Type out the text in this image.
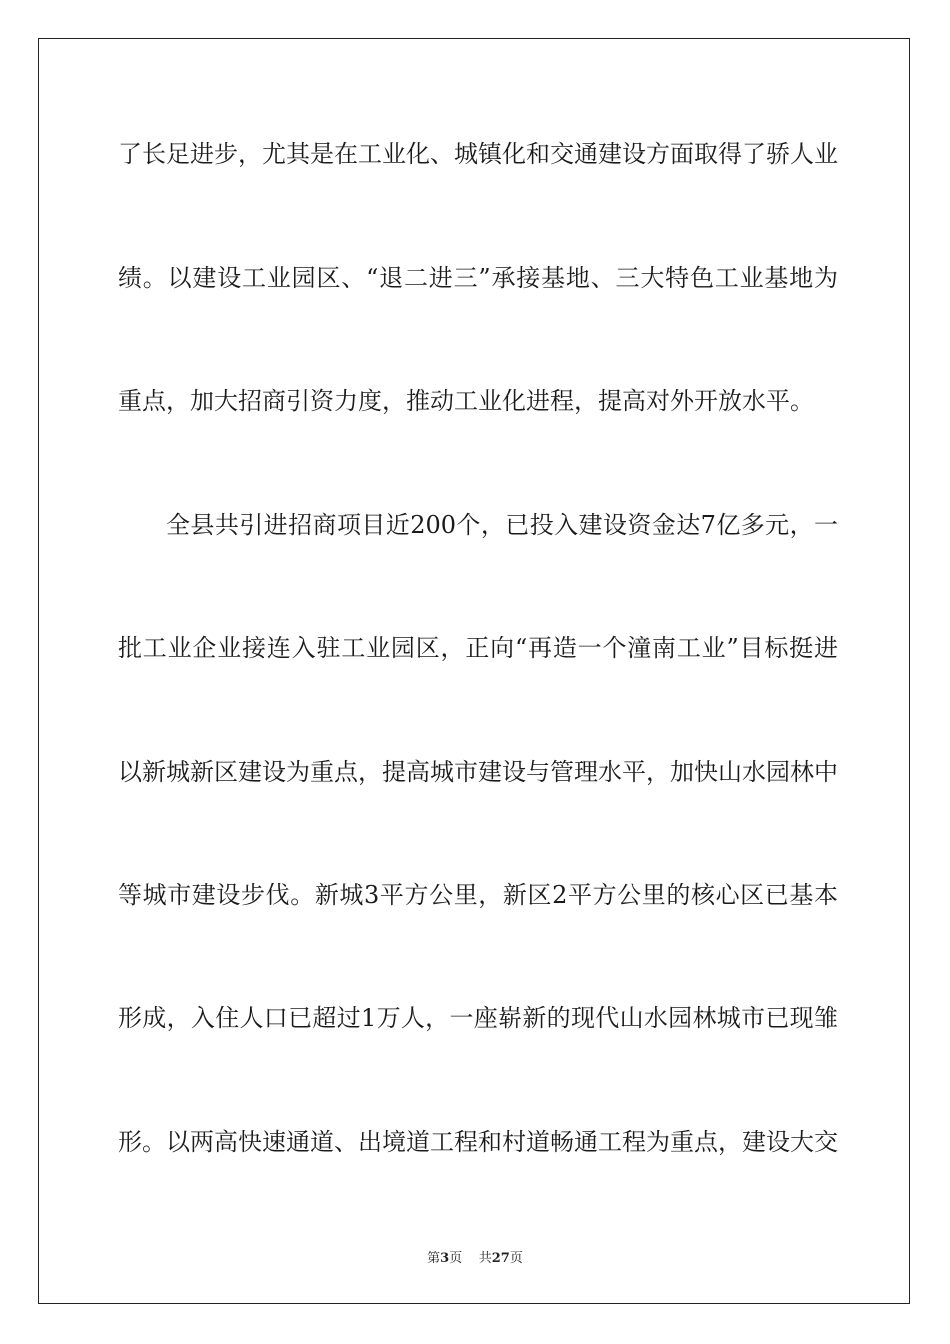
了长足进步，尤其是在工业化、城镇化和交通建设方面取得了骄人业
绩。以建设工业园区、“退二进三”承接基地、三大特色工业基地为
重点，加大招商引资力度，推动工业化进程，提高对外开放水平。
全县共引进招商项目近200个，已投入建设资金达7亿多元，一
批工业企业接连入驻工业园区，正向“再造一个潼南工业”目标挺进
以新城新区建设为重点，提高城市建设与管理水平，加快山水园林中
等城市建设步伐。新城3平方公里，新区2平方公里的核心区已基本
形成，入住人口已超过1万人，一座崭新的现代山水园林城市已现雏
形。以两高快速通道、出境道工程和村道畅通工程为重点，建设大交
第3页 共27页
